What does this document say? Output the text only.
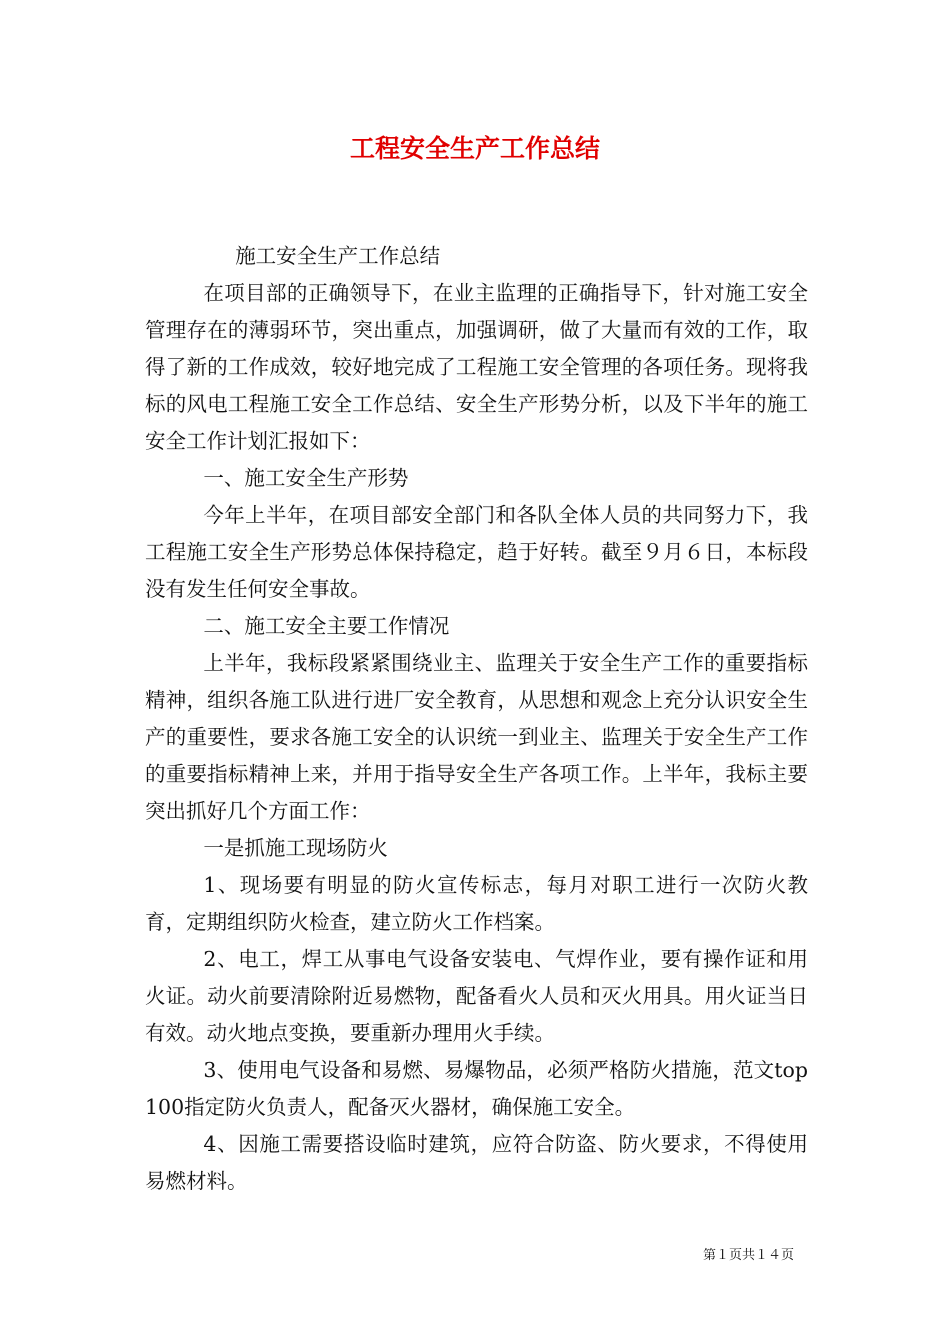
工程安全生产工作总结

施工安全生产工作总结

在项目部的正确领导下，在业主监理的正确指导下，针对施工安全管理存在的薄弱环节，突出重点，加强调研，做了大量而有效的工作，取得了新的工作成效，较好地完成了工程施工安全管理的各项任务。现将我标的风电工程施工安全工作总结、安全生产形势分析，以及下半年的施工安全工作计划汇报如下：

一、施工安全生产形势

今年上半年，在项目部安全部门和各队全体人员的共同努力下，我工程施工安全生产形势总体保持稳定，趋于好转。截至９月６日，本标段没有发生任何安全事故。

二、施工安全主要工作情况

上半年，我标段紧紧围绕业主、监理关于安全生产工作的重要指标精神，组织各施工队进行进厂安全教育，从思想和观念上充分认识安全生产的重要性，要求各施工安全的认识统一到业主、监理关于安全生产工作的重要指标精神上来，并用于指导安全生产各项工作。上半年，我标主要突出抓好几个方面工作：

一是抓施工现场防火

1、现场要有明显的防火宣传标志，每月对职工进行一次防火教育，定期组织防火检查，建立防火工作档案。

2、电工，焊工从事电气设备安装电、气焊作业，要有操作证和用火证。动火前要清除附近易燃物，配备看火人员和灭火用具。用火证当日有效。动火地点变换，要重新办理用火手续。

3、使用电气设备和易燃、易爆物品，必须严格防火措施，范文top100指定防火负责人，配备灭火器材，确保施工安全。

4、因施工需要搭设临时建筑，应符合防盗、防火要求，不得使用易燃材料。

第１页共１４页
